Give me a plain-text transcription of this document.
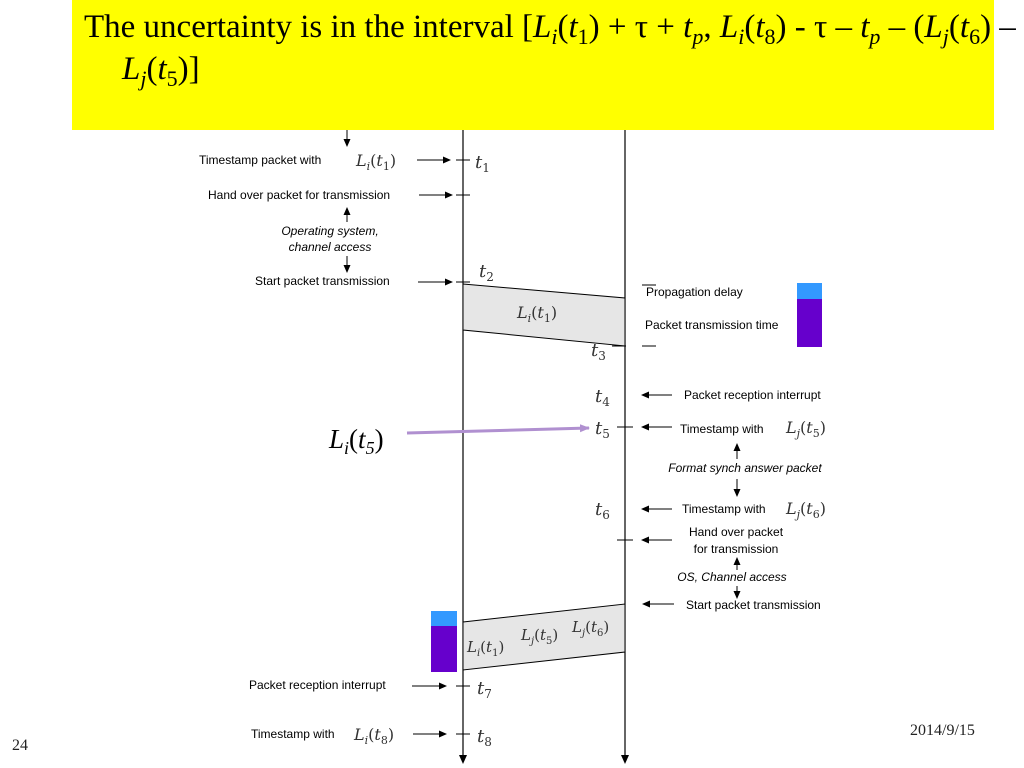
Timestamp packet with $L_i(t_1)$	$t_1$
Hand over packet for transmission
Operating system,
channel access
Start packet transmission	$t_2$
$L_i(t_1)$
Propagation delay
Packet transmission time
$t_3$
$t_4$	Packet reception interrupt
$t_5$	Timestamp with $L_j(t_5)$
Format synch answer packet
$t_6$	Timestamp with $L_j(t_6)$
Hand over packet
for transmission
OS, Channel access
Start packet transmission
$L_j(t_6)$
$L_j(t_5)$
$L_i(t_1)$
Packet reception interrupt	$t_7$
Timestamp with $L_i(t_8)$	$t_8$
$L_i(t_5)$
The uncertainty is in the interval [$L_i(t_1) + \tau + t_p$, $L_i(t_8)$ - τ – $t_p - (L_j(t_6) - L_j(t_5)]$
24
2014/9/15
